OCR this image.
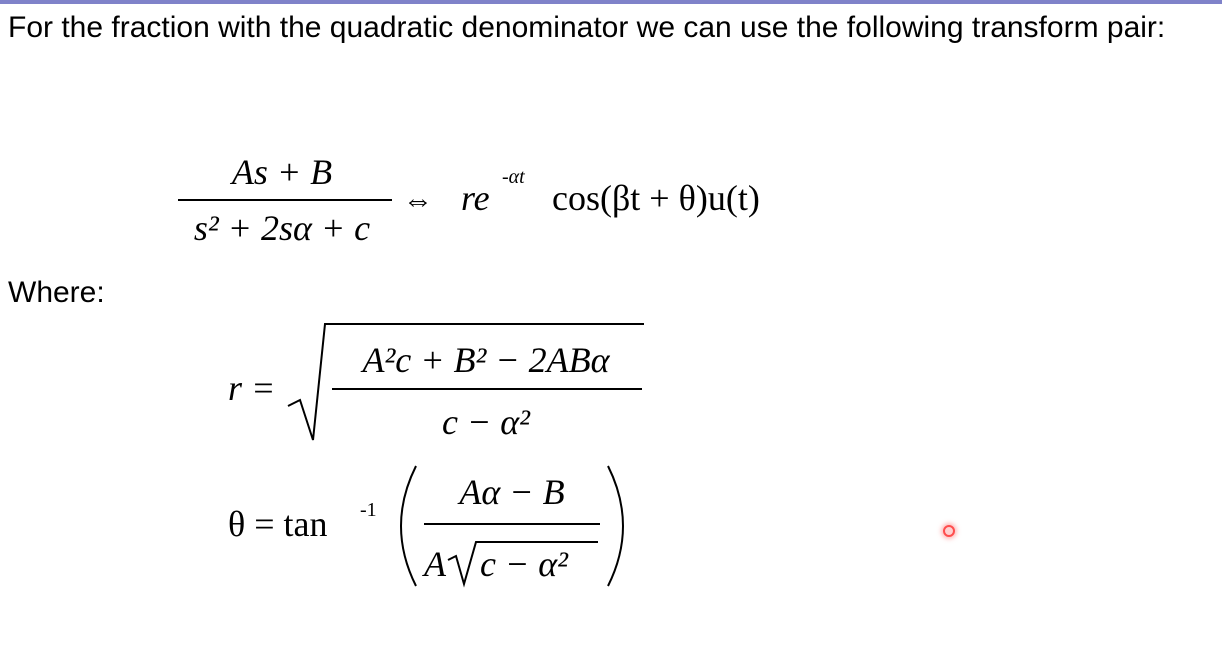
For the fraction with the quadratic denominator we can use the following transform pair:
As + B
s² + 2sα + c
⇔ re
-αt
cos(βt + θ)u(t)
Where:
r =
A²c + B² − 2ABα
c − α²
θ = tan -1 Aα − B
A c − α²
